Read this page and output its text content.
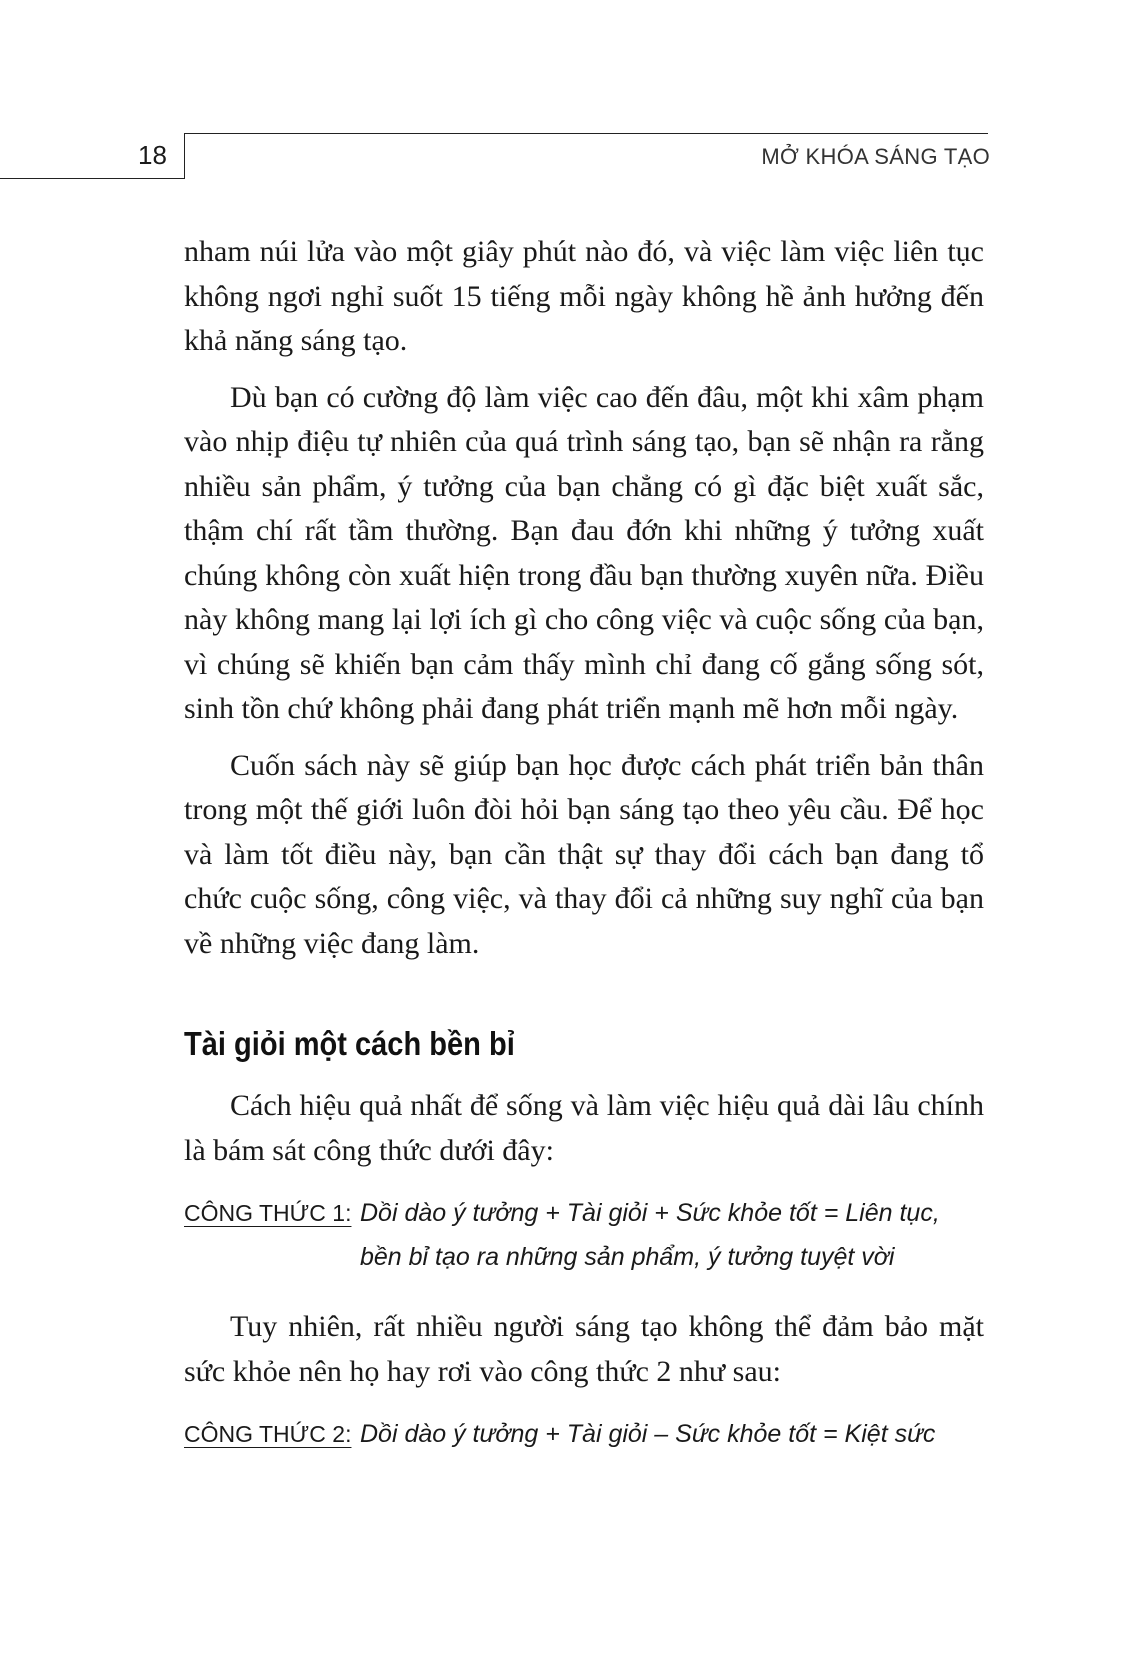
18	MỞ KHÓA SÁNG TẠO

nham núi lửa vào một giây phút nào đó, và việc làm việc liên tục không ngơi nghỉ suốt 15 tiếng mỗi ngày không hề ảnh hưởng đến khả năng sáng tạo.

Dù bạn có cường độ làm việc cao đến đâu, một khi xâm phạm vào nhịp điệu tự nhiên của quá trình sáng tạo, bạn sẽ nhận ra rằng nhiều sản phẩm, ý tưởng của bạn chẳng có gì đặc biệt xuất sắc, thậm chí rất tầm thường. Bạn đau đớn khi những ý tưởng xuất chúng không còn xuất hiện trong đầu bạn thường xuyên nữa. Điều này không mang lại lợi ích gì cho công việc và cuộc sống của bạn, vì chúng sẽ khiến bạn cảm thấy mình chỉ đang cố gắng sống sót, sinh tồn chứ không phải đang phát triển mạnh mẽ hơn mỗi ngày.

Cuốn sách này sẽ giúp bạn học được cách phát triển bản thân trong một thế giới luôn đòi hỏi bạn sáng tạo theo yêu cầu. Để học và làm tốt điều này, bạn cần thật sự thay đổi cách bạn đang tổ chức cuộc sống, công việc, và thay đổi cả những suy nghĩ của bạn về những việc đang làm.

Tài giỏi một cách bền bỉ

Cách hiệu quả nhất để sống và làm việc hiệu quả dài lâu chính là bám sát công thức dưới đây:

CÔNG THỨC 1: Dồi dào ý tưởng + Tài giỏi + Sức khỏe tốt = Liên tục, bền bỉ tạo ra những sản phẩm, ý tưởng tuyệt vời

Tuy nhiên, rất nhiều người sáng tạo không thể đảm bảo mặt sức khỏe nên họ hay rơi vào công thức 2 như sau:

CÔNG THỨC 2: Dồi dào ý tưởng + Tài giỏi – Sức khỏe tốt = Kiệt sức
